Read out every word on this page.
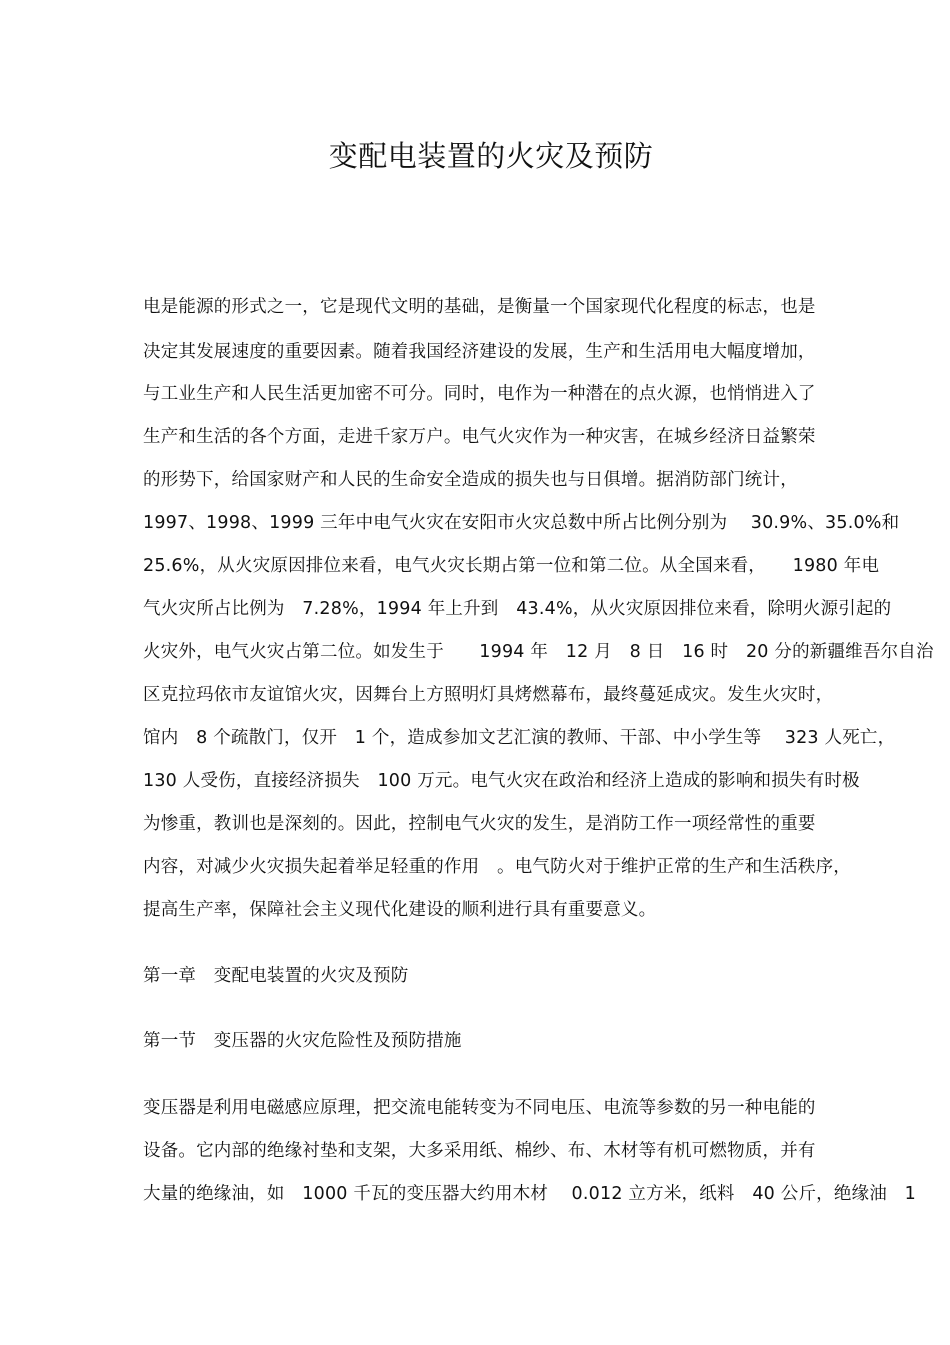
变配电装置的火灾及预防
电是能源的形式之一，它是现代文明的基础，是衡量一个国家现代化程度的标志，也是
决定其发展速度的重要因素。随着我国经济建设的发展，生产和生活用电大幅度增加，
与工业生产和人民生活更加密不可分。同时，电作为一种潜在的点火源，也悄悄进入了
生产和生活的各个方面，走进千家万户。电气火灾作为一种灾害，在城乡经济日益繁荣
的形势下，给国家财产和人民的生命安全造成的损失也与日俱增。据消防部门统计，
1997、1998、1999 三年中电气火灾在安阳市火灾总数中所占比例分别为　 30.9%、35.0%和
25.6%，从火灾原因排位来看，电气火灾长期占第一位和第二位。从全国来看，　　1980 年电
气火灾所占比例为　7.28%，1994 年上升到　43.4%，从火灾原因排位来看，除明火源引起的
火灾外，电气火灾占第二位。如发生于　　1994 年　12 月　8 日　16 时　20 分的新疆维吾尔自治
区克拉玛依市友谊馆火灾，因舞台上方照明灯具烤燃幕布，最终蔓延成灾。发生火灾时，
馆内　8 个疏散门，仅开　1 个，造成参加文艺汇演的教师、干部、中小学生等　 323 人死亡，
130 人受伤，直接经济损失　100 万元。电气火灾在政治和经济上造成的影响和损失有时极
为惨重，教训也是深刻的。因此，控制电气火灾的发生，是消防工作一项经常性的重要
内容，对减少火灾损失起着举足轻重的作用　。电气防火对于维护正常的生产和生活秩序，
提高生产率，保障社会主义现代化建设的顺利进行具有重要意义。
第一章　变配电装置的火灾及预防
第一节　变压器的火灾危险性及预防措施
变压器是利用电磁感应原理，把交流电能转变为不同电压、电流等参数的另一种电能的
设备。它内部的绝缘衬垫和支架，大多采用纸、棉纱、布、木材等有机可燃物质，并有
大量的绝缘油，如　1000 千瓦的变压器大约用木材　 0.012 立方米，纸料　40 公斤，绝缘油　1
